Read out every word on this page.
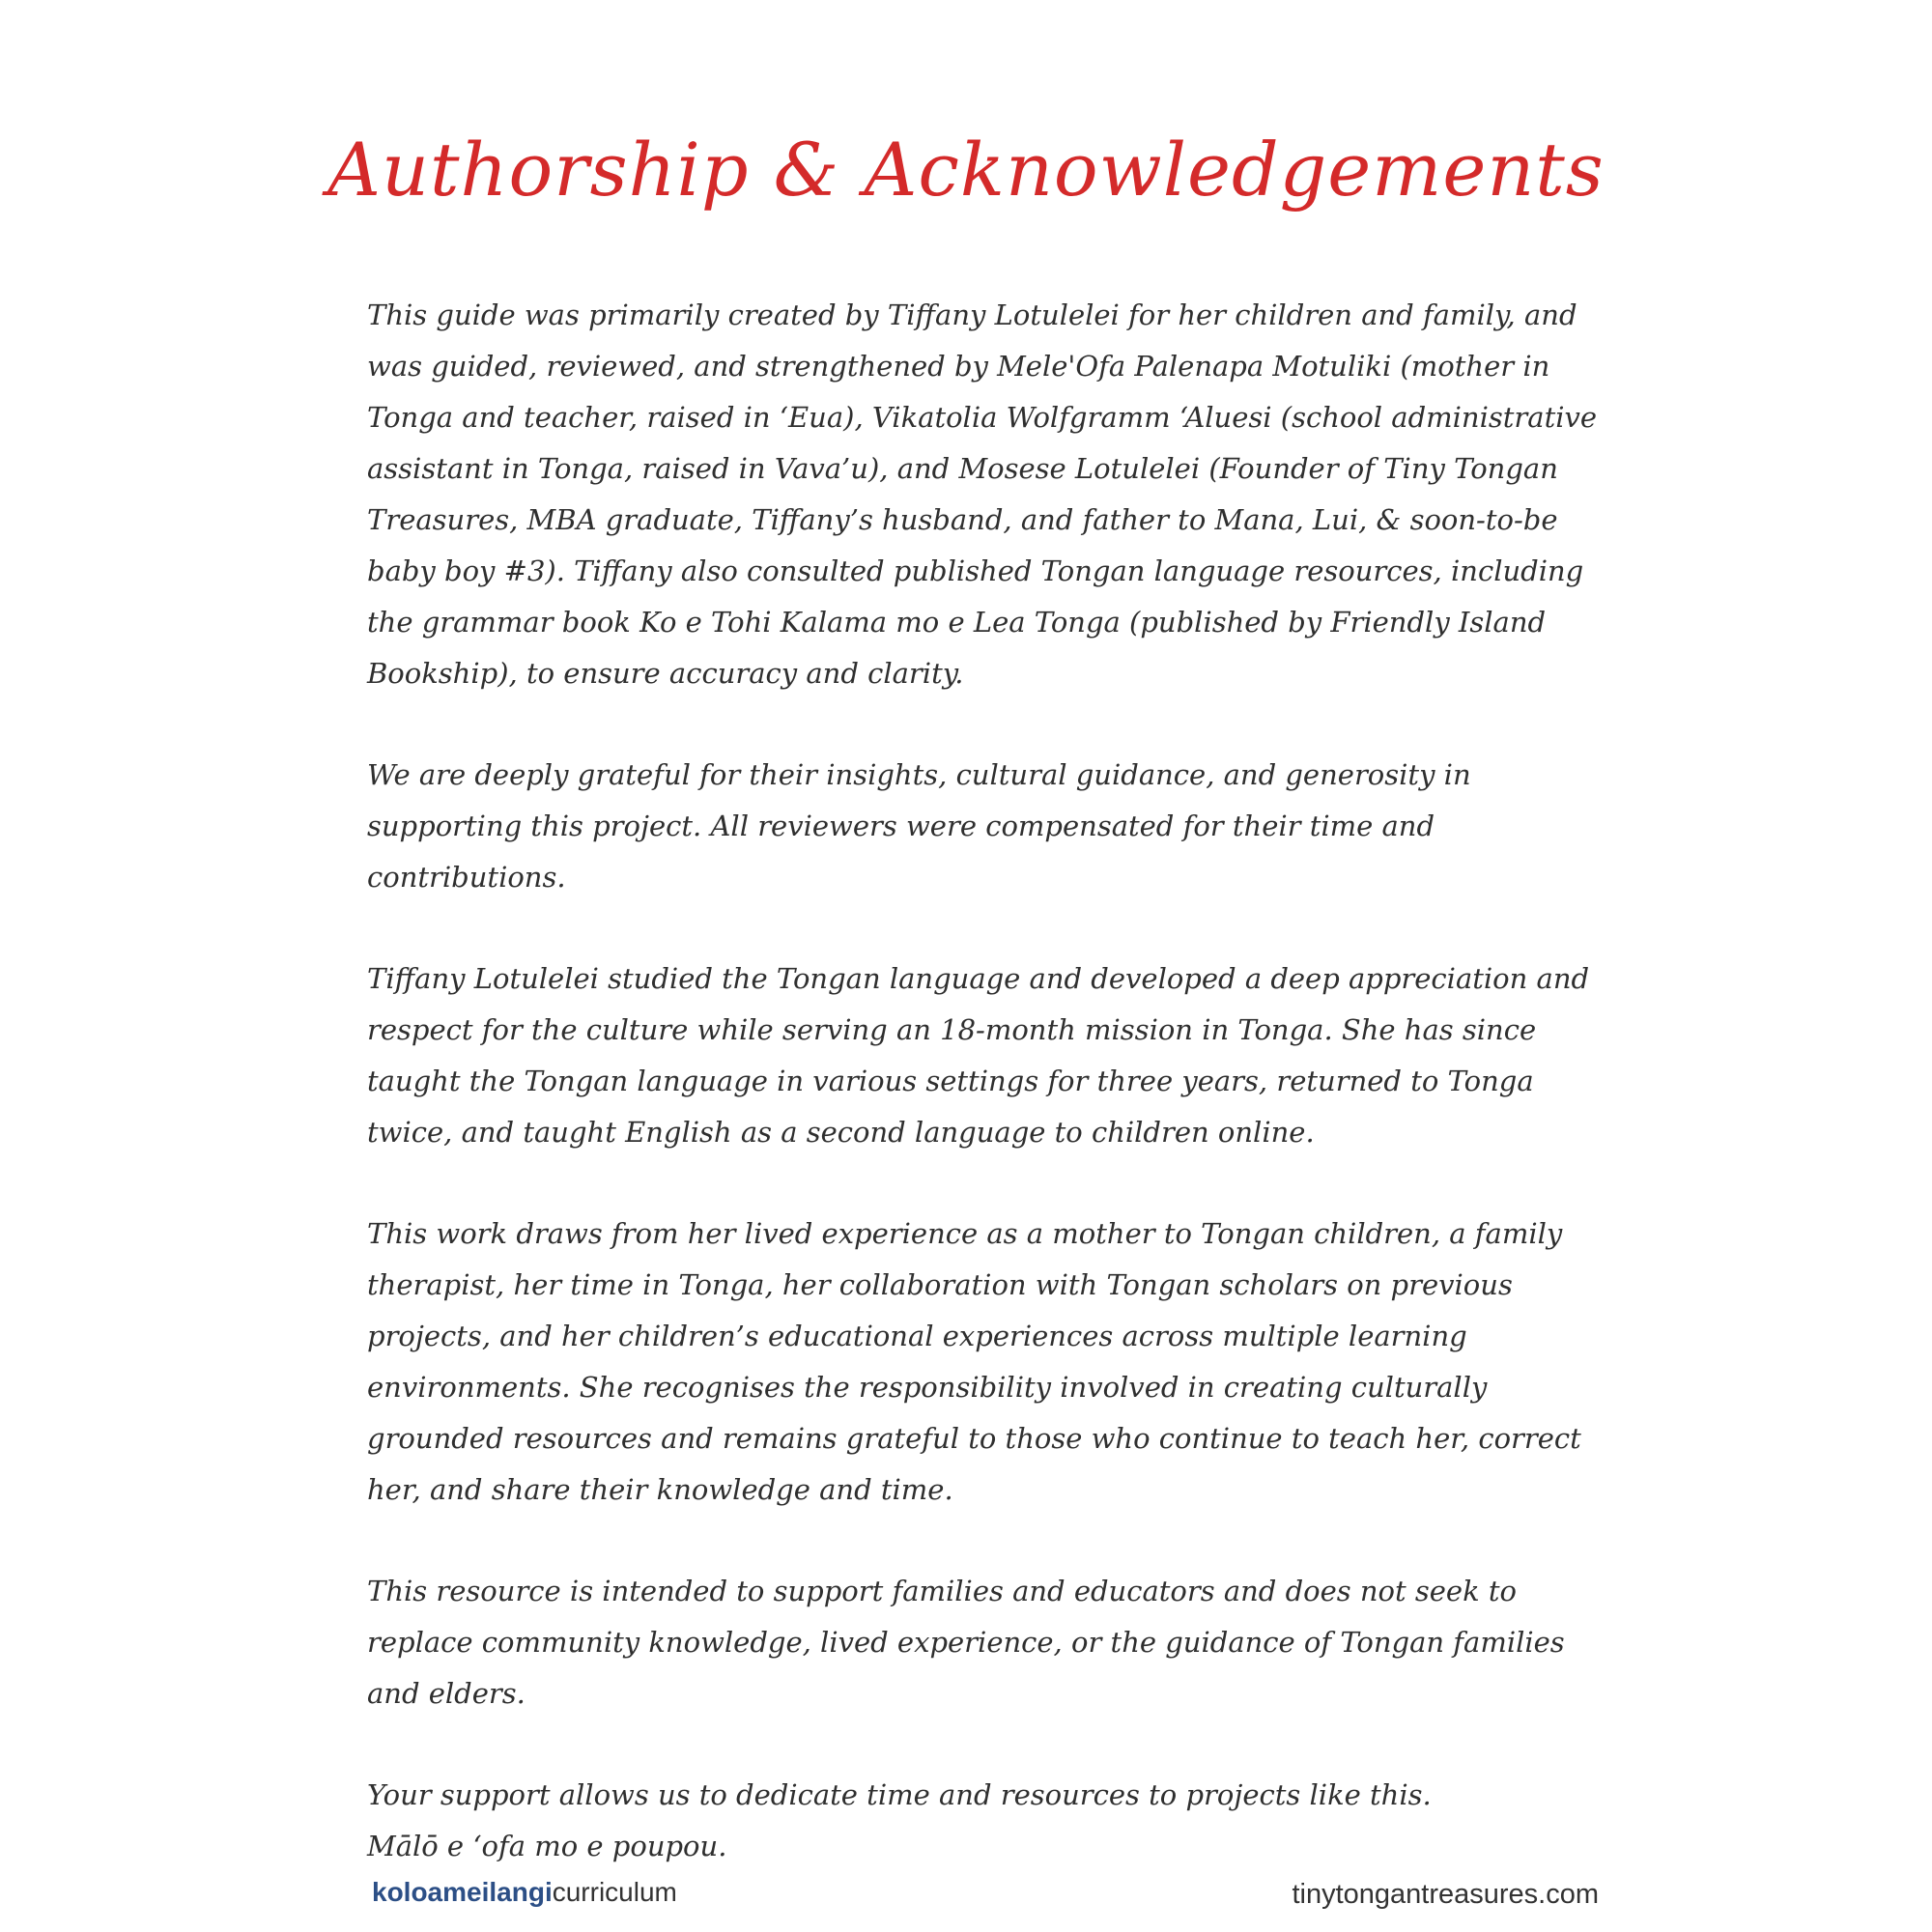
Authorship & Acknowledgements

This guide was primarily created by Tiffany Lotulelei for her children and family, and was guided, reviewed, and strengthened by Mele'Ofa Palenapa Motuliki (mother in Tonga and teacher, raised in ‘Eua), Vikatolia Wolfgramm ‘Aluesi (school administrative assistant in Tonga, raised in Vava’u), and Mosese Lotulelei (Founder of Tiny Tongan Treasures, MBA graduate, Tiffany’s husband, and father to Mana, Lui, & soon-to-be baby boy #3). Tiffany also consulted published Tongan language resources, including the grammar book Ko e Tohi Kalama mo e Lea Tonga (published by Friendly Island Bookship), to ensure accuracy and clarity.

We are deeply grateful for their insights, cultural guidance, and generosity in supporting this project. All reviewers were compensated for their time and contributions.

Tiffany Lotulelei studied the Tongan language and developed a deep appreciation and respect for the culture while serving an 18-month mission in Tonga. She has since taught the Tongan language in various settings for three years, returned to Tonga twice, and taught English as a second language to children online.

This work draws from her lived experience as a mother to Tongan children, a family therapist, her time in Tonga, her collaboration with Tongan scholars on previous projects, and her children’s educational experiences across multiple learning environments. She recognises the responsibility involved in creating culturally grounded resources and remains grateful to those who continue to teach her, correct her, and share their knowledge and time.

This resource is intended to support families and educators and does not seek to replace community knowledge, lived experience, or the guidance of Tongan families and elders.

Your support allows us to dedicate time and resources to projects like this.
Mālō e ‘ofa mo e poupou.

koloameilangicurriculum	tinytongantreasures.com
